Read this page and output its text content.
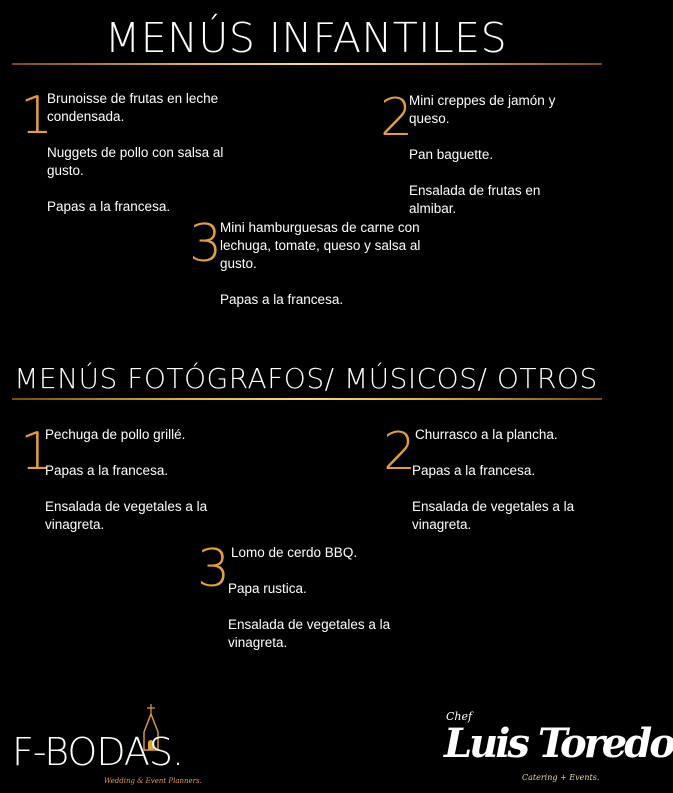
MENÚS INFANTILES
1

Brunoisse de frutas en leche condensada.

Nuggets de pollo con salsa al gusto.

Papas a la francesa.

2

Mini creppes de jamón y queso.

Pan baguette.

Ensalada de frutas en almibar.

3

Mini hamburguesas de carne con lechuga, tomate, queso y salsa al gusto.

Papas a la francesa.

MENÚS FOTÓGRAFOS/ MÚSICOS/ OTROS
1

Pechuga de pollo grillé.

Papas a la francesa.

Ensalada de vegetales a la vinagreta.

2

Churrasco a la plancha.

Papas a la francesa.

Ensalada de vegetales a la vinagreta.

3 Lomo de cerdo BBQ.

Papa rustica.

Ensalada de vegetales a la vinagreta.

F-BODAS.
Wedding & Event Planners.
Chef
Luis Toredo
Catering + Events.
